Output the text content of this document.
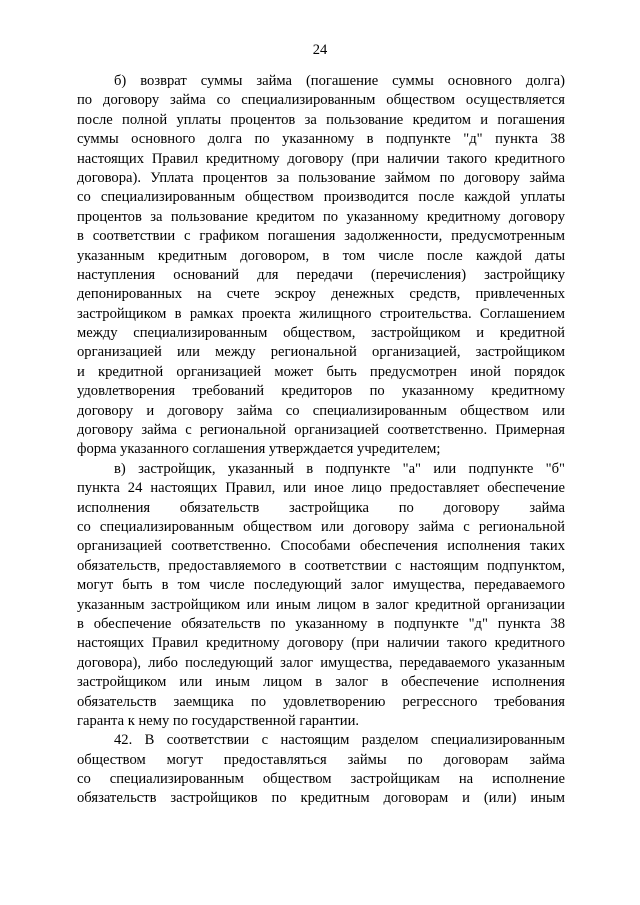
24
б) возврат суммы займа (погашение суммы основного долга)
по договору займа со специализированным обществом осуществляется
после полной уплаты процентов за пользование кредитом и погашения
суммы основного долга по указанному в подпункте "д" пункта 38
настоящих Правил кредитному договору (при наличии такого кредитного
договора). Уплата процентов за пользование займом по договору займа
со специализированным обществом производится после каждой уплаты
процентов за пользование кредитом по указанному кредитному договору
в соответствии с графиком погашения задолженности, предусмотренным
указанным кредитным договором, в том числе после каждой даты
наступления оснований для передачи (перечисления) застройщику
депонированных на счете эскроу денежных средств, привлеченных
застройщиком в рамках проекта жилищного строительства. Соглашением
между специализированным обществом, застройщиком и кредитной
организацией или между региональной организацией, застройщиком
и кредитной организацией может быть предусмотрен иной порядок
удовлетворения требований кредиторов по указанному кредитному
договору и договору займа со специализированным обществом или
договору займа с региональной организацией соответственно. Примерная
форма указанного соглашения утверждается учредителем;
в) застройщик, указанный в подпункте "а" или подпункте "б"
пункта 24 настоящих Правил, или иное лицо предоставляет обеспечение
исполнения обязательств застройщика по договору займа
со специализированным обществом или договору займа с региональной
организацией соответственно. Способами обеспечения исполнения таких
обязательств, предоставляемого в соответствии с настоящим подпунктом,
могут быть в том числе последующий залог имущества, передаваемого
указанным застройщиком или иным лицом в залог кредитной организации
в обеспечение обязательств по указанному в подпункте "д" пункта 38
настоящих Правил кредитному договору (при наличии такого кредитного
договора), либо последующий залог имущества, передаваемого указанным
застройщиком или иным лицом в залог в обеспечение исполнения
обязательств заемщика по удовлетворению регрессного требования
гаранта к нему по государственной гарантии.
42. В соответствии с настоящим разделом специализированным
обществом могут предоставляться займы по договорам займа
со специализированным обществом застройщикам на исполнение
обязательств застройщиков по кредитным договорам и (или) иным
